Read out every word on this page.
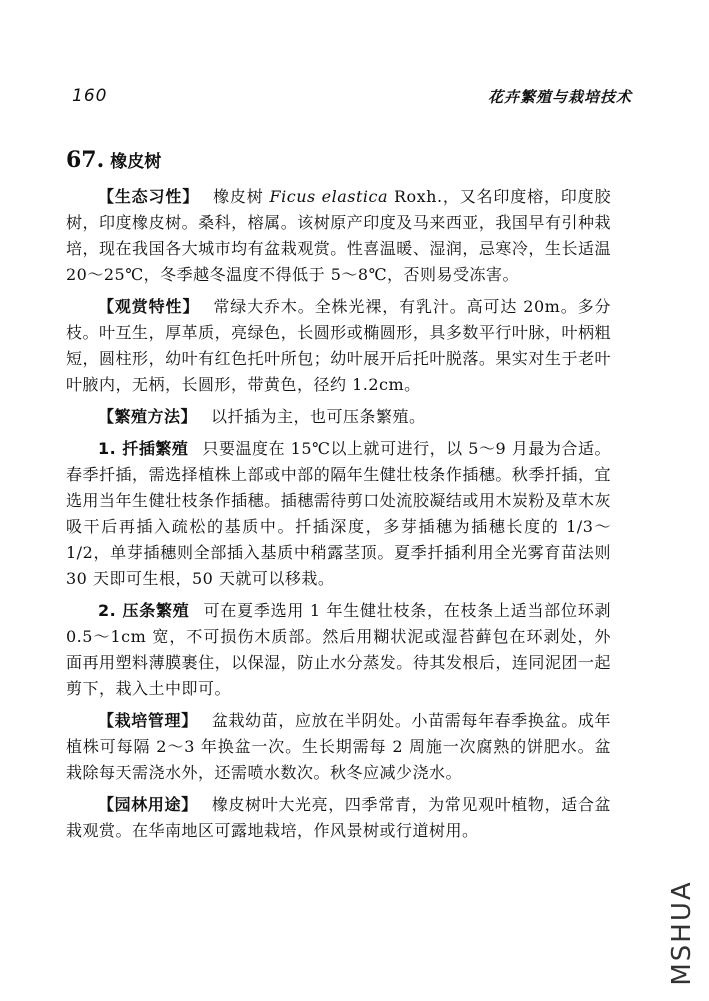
160	花卉繁殖与栽培技术
67. 橡皮树

【生态习性】 橡皮树 Ficus elastica Roxh.，又名印度榕，印度胶树，印度橡皮树。桑科，榕属。该树原产印度及马来西亚，我国早有引种栽培，现在我国各大城市均有盆栽观赏。性喜温暖、湿润，忌寒冷，生长适温 20～25℃，冬季越冬温度不得低于 5～8℃，否则易受冻害。

【观赏特性】 常绿大乔木。全株光裸，有乳汁。高可达 20m。多分枝。叶互生，厚革质，亮绿色，长圆形或椭圆形，具多数平行叶脉，叶柄粗短，圆柱形，幼叶有红色托叶所包；幼叶展开后托叶脱落。果实对生于老叶叶腋内，无柄，长圆形，带黄色，径约 1.2cm。

【繁殖方法】 以扦插为主，也可压条繁殖。

1. 扦插繁殖 只要温度在 15℃以上就可进行，以 5～9 月最为合适。春季扦插，需选择植株上部或中部的隔年生健壮枝条作插穗。秋季扦插，宜选用当年生健壮枝条作插穗。插穗需待剪口处流胶凝结或用木炭粉及草木灰吸干后再插入疏松的基质中。扦插深度，多芽插穗为插穗长度的 1/3～1/2，单芽插穗则全部插入基质中稍露茎顶。夏季扦插利用全光雾育苗法则 30 天即可生根，50 天就可以移栽。

2. 压条繁殖 可在夏季选用 1 年生健壮枝条，在枝条上适当部位环剥 0.5～1cm 宽，不可损伤木质部。然后用糊状泥或湿苔藓包在环剥处，外面再用塑料薄膜裹住，以保湿，防止水分蒸发。待其发根后，连同泥团一起剪下，栽入土中即可。

【栽培管理】 盆栽幼苗，应放在半阴处。小苗需每年春季换盆。成年植株可每隔 2～3 年换盆一次。生长期需每 2 周施一次腐熟的饼肥水。盆栽除每天需浇水外，还需喷水数次。秋冬应减少浇水。

【园林用途】 橡皮树叶大光亮，四季常青，为常见观叶植物，适合盆栽观赏。在华南地区可露地栽培，作风景树或行道树用。

MSHUA
